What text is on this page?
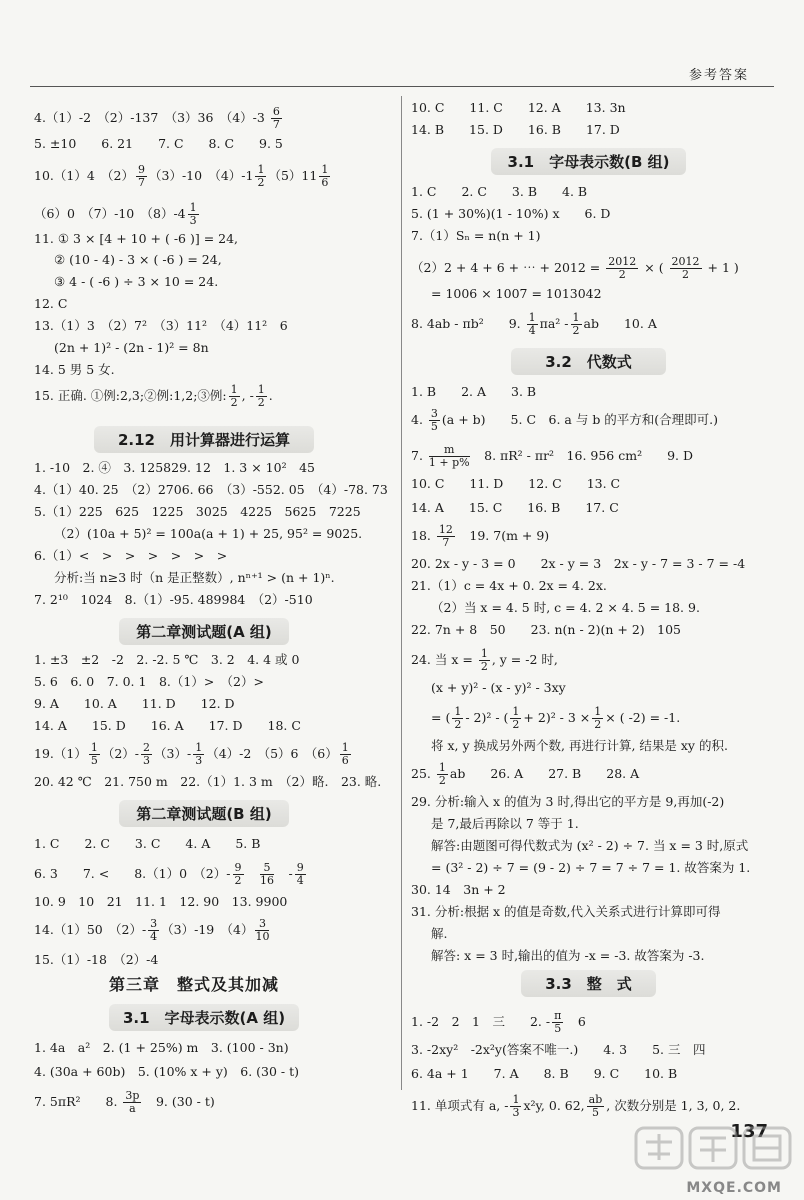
参考答案
4.（1）-2　（2）-137　（3）36　$(4)-3 \frac{6}{7}$
5. ±10　　6. 21　　7. C　　8. C　　9. 5
10.（1）4　$(2) \frac{9}{7} (3)-10$　$(4)-1 \frac{1}{2} (5)11 \frac{1}{6}$
（6）0　（7）-10　$(8)-4 \frac{1}{3}$
11. ① 3 × [4 + 10 + ( -6 )] = 24,
② (10 - 4) - 3 × ( -6 ) = 24,
③ 4 - ( -6 ) ÷ 3 × 10 = 24.
12. C
13.（1）3　（2）7²　（3）11²　（4）11²　6
(2n + 1)² - (2n - 1)² = 8n
14. 5 男 5 女.
15. 正确. ①例:2,3;②例:1,2;③例: $\frac{1}{2}$ , - $\frac{1}{2}$ .
2.12　用计算器进行运算
1. -10　2. ④　3. 125829. 12　1. 3 × 10²　45
4.（1）40. 25　（2）2706. 66　（3）-552. 05　（4）-78. 73
5.（1）225　625　1225　3025　4225　5625　7225
（2）(10a + 5)² = 100a(a + 1) + 25, 95² = 9025.
6.（1）<　>　>　>　>　>　>
分析:当 n≥3 时（n 是正整数）, nⁿ⁺¹ > (n + 1)ⁿ.
7. 2¹⁰　1024　8.（1）-95. 489984　（2）-510
第二章测试题(A 组)
1. ±3　±2　-2　2. -2. 5 ℃　3. 2　4. 4 或 0
5. 6　6. 0　7. 0. 1　8.（1）>　（2）>
9. A　　10. A　　11. D　　12. D
14. A　　15. D　　16. A　　17. D　　18. C
$19.(1) \frac{1}{5} (2)- \frac{2}{3} (3)- \frac{1}{3} (4)-2$　（5）6　$(6) \frac{1}{6}$
20. 42 ℃　21. 750 m　22.（1）1. 3 m　（2）略.　23. 略.
第二章测试题(B 组)
1. C　　2. C　　3. C　　4. A　　5. B
6. 3　　7. <　　8.（1）0　$(2)- \frac{9}{2}$
　 $\frac{5}{16}$ 　- $\frac{9}{4}$
10. 9　10　21　11. 1　12. 90　13. 9900
14.（1）50　$(2)- \frac{3}{4} (3)-19$　$(4) \frac{3}{10}$
15.（1）-18　（2）-4
第三章　整式及其加减
3.1　字母表示数(A 组)
1. 4a　a²　2. (1 + 25%) m　3. (100 - 3n)
4. (30a + 60b)　5. (10% x + y)　6. (30 - t)
7. 5πR²　　8. $\frac{3p}{a}$
　 9. (30 - t)
10. C　　11. C　　12. A　　13. 3n
14. B　　15. D　　16. B　　17. D
3.1　字母表示数(B 组)
1. C　　2. C　　3. B　　4. B
5. (1 + 30%)(1 - 10%) x　　6. D
7.（1）Sₙ = n(n + 1)
（2）2 + 4 + 6 + ⋯ + $2012 = \frac{2012}{2}$ × ( $\frac{2012}{2} + 1$ )
= 1006 × 1007 = 1013042
8. 4ab - πb²　　9. $\frac{1}{4} \pi a^2 - \frac{1}{2}$ ab　　10. A
3.2　代数式
1. B　　2. A　　3. B
4. $\frac{3}{5} (a + b)$　　5. C　6. a 与 b 的平方和(合理即可.)
7. $\frac{m}{1 + p\%}$
　 8. πR² - πr²　16. 956 cm²　　9. D
10. C　　11. D　　12. C　　13. C
14. A　　15. C　　16. B　　17. C
18. $\frac{12}{7}$
　 19. 7(m + 9)
20. 2x - y - 3 = 0　　2x - y = 3　2x - y - 7 = 3 - 7 = -4
21.（1）c = 4x + 0. 2x = 4. 2x.
（2）当 x = 4. 5 时, c = 4. 2 × 4. 5 = 18. 9.
22. 7n + 8　50　　23. n(n - 2)(n + 2)　105
24. 当 $x = \frac{1}{2}$ , y = -2 时,
(x + y)² - (x - y)² - 3xy
= ( $\frac{1}{2} - 2)^2$ - ( $\frac{1}{2} + 2)^2 - 3 \times \frac{1}{2}$ × ( -2) = -1.
将 x, y 换成另外两个数, 再进行计算, 结果是 xy 的积.
25. $\frac{1}{2}$ ab　　26. A　　27. B　　28. A
29. 分析:输入 x 的值为 3 时,得出它的平方是 9,再加(-2)
是 7,最后再除以 7 等于 1.
解答:由题图可得代数式为 (x² - 2) ÷ 7. 当 x = 3 时,原式
= (3² - 2) ÷ 7 = (9 - 2) ÷ 7 = 7 ÷ 7 = 1. 故答案为 1.
30. 14　3n + 2
31. 分析:根据 x 的值是奇数,代入关系式进行计算即可得
解.
解答: x = 3 时,输出的值为 -x = -3. 故答案为 -3.
3.3　整　式
1. -2　2　1　三　　2. - $\frac{\pi}{5}$
　 6
3. -2xy²　-2x²y(答案不唯一.)　　4. 3　　5. 三　四
6. 4a + 1　　7. A　　8. B　　9. C　　10. B
11. 单项式有 a, - $\frac{1}{3} x^2y$, 0. 62, $\frac{ab}{5}$ , 次数分别是 1, 3, 0, 2.
137
MXQE.COM
